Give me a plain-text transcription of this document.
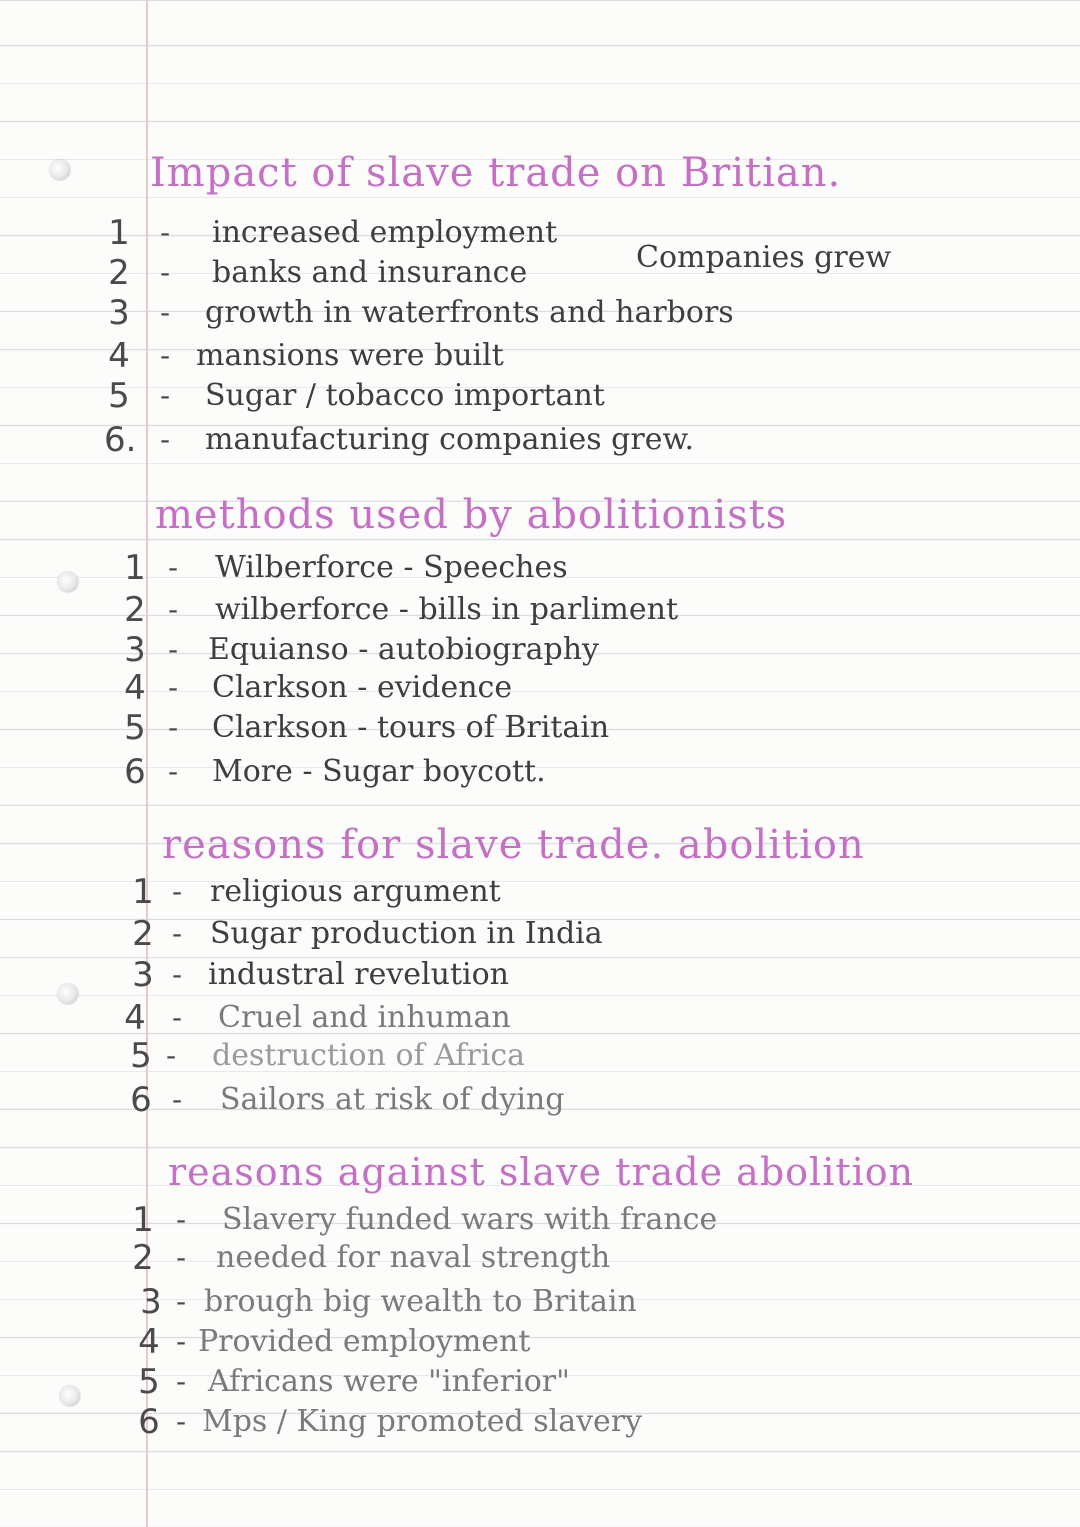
Impact of slave trade on Britian.
1 - increased employment
2 - banks and insurance	Companies grew
3 - growth in waterfronts and harbors
4 - mansions were built
5 - Sugar / tobacco important
6. - manufacturing companies grew.
methods used by abolitionists
1 - Wilberforce - Speeches
2 - wilberforce - bills in parliment
3 - Equianso - autobiography
4 - Clarkson - evidence
5 - Clarkson - tours of Britain
6 - More - Sugar boycott.
reasons for slave trade. abolition
1 - religious argument
2 - Sugar production in India
3 - industral revelution
4 - Cruel and inhuman
5 - destruction of Africa
6 - Sailors at risk of dying
reasons against slave trade abolition
1 - Slavery funded wars with france
2 - needed for naval strength
3 - brough big wealth to Britain
4 - Provided employment
5 - Africans were "inferior"
6 - Mps / King promoted slavery
